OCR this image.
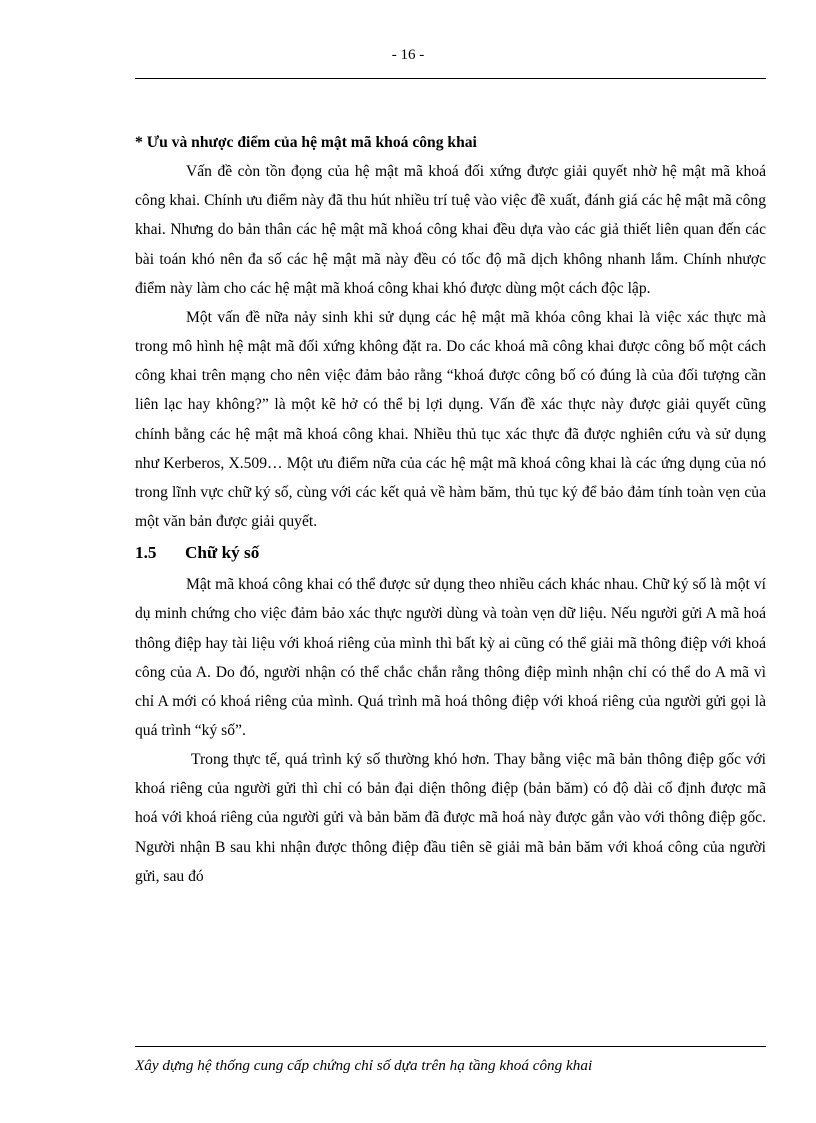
- 16 -
* Ưu và nhược điểm của hệ mật mã khoá công khai

Vấn đề còn tồn đọng của hệ mật mã khoá đối xứng được giải quyết nhờ hệ mật mã khoá công khai. Chính ưu điểm này đã thu hút nhiều trí tuệ vào việc đề xuất, đánh giá các hệ mật mã công khai. Nhưng do bản thân các hệ mật mã khoá công khai đều dựa vào các giả thiết liên quan đến các bài toán khó nên đa số các hệ mật mã này đều có tốc độ mã dịch không nhanh lắm. Chính nhược điểm này làm cho các hệ mật mã khoá công khai khó được dùng một cách độc lập.

Một vấn đề nữa nảy sinh khi sử dụng các hệ mật mã khóa công khai là việc xác thực mà trong mô hình hệ mật mã đối xứng không đặt ra. Do các khoá mã công khai được công bố một cách công khai trên mạng cho nên việc đảm bảo rằng “khoá được công bố có đúng là của đối tượng cần liên lạc hay không?” là một kẽ hở có thể bị lợi dụng. Vấn đề xác thực này được giải quyết cũng chính bằng các hệ mật mã khoá công khai. Nhiều thủ tục xác thực đã được nghiên cứu và sử dụng như Kerberos, X.509… Một ưu điểm nữa của các hệ mật mã khoá công khai là các ứng dụng của nó trong lĩnh vực chữ ký số, cùng với các kết quả về hàm băm, thủ tục ký để bảo đảm tính toàn vẹn của một văn bản được giải quyết.

1.5 Chữ ký số

Mật mã khoá công khai có thể được sử dụng theo nhiều cách khác nhau. Chữ ký số là một ví dụ minh chứng cho việc đảm bảo xác thực người dùng và toàn vẹn dữ liệu. Nếu người gửi A mã hoá thông điệp hay tài liệu với khoá riêng của mình thì bất kỳ ai cũng có thể giải mã thông điệp với khoá công của A. Do đó, người nhận có thể chắc chắn rằng thông điệp mình nhận chỉ có thể do A mã vì chỉ A mới có khoá riêng của mình. Quá trình mã hoá thông điệp với khoá riêng của người gửi gọi là quá trình “ký số”.

Trong thực tế, quá trình ký số thường khó hơn. Thay bằng việc mã bản thông điệp gốc với khoá riêng của người gửi thì chỉ có bản đại diện thông điệp (bản băm) có độ dài cố định được mã hoá với khoá riêng của người gửi và bản băm đã được mã hoá này được gắn vào với thông điệp gốc. Người nhận B sau khi nhận được thông điệp đầu tiên sẽ giải mã bản băm với khoá công của người gửi, sau đó

Xây dựng hệ thống cung cấp chứng chỉ số dựa trên hạ tầng khoá công khai
